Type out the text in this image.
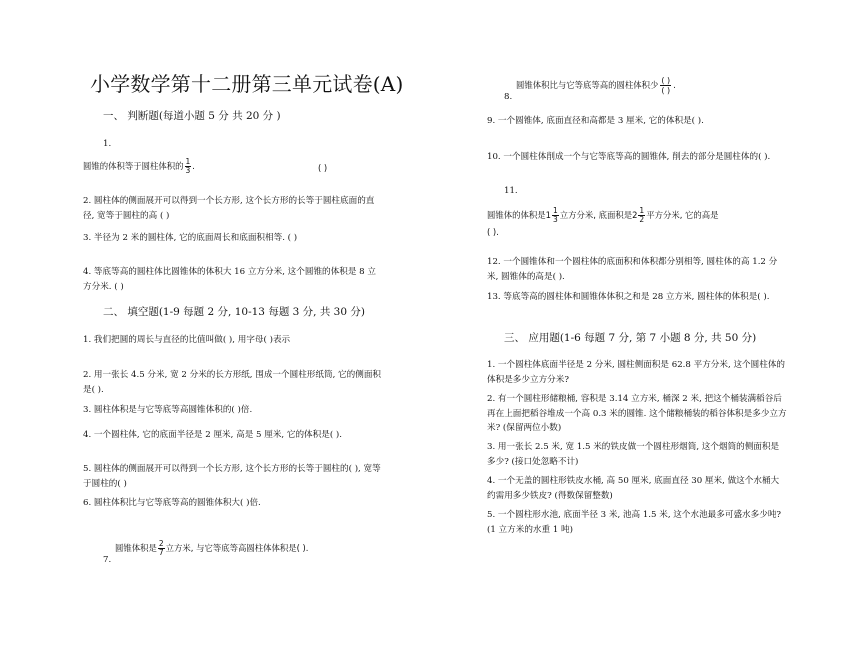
小学数学第十二册第三单元试卷(A)
一、 判断题(每道小题 5 分 共 20 分 )
1.
圆锥的体积等于圆柱体积的 $\frac{1}{3}$ .	( )
2. 圆柱体的侧面展开可以得到一个长方形, 这个长方形的长等于圆柱底面的直径, 宽等于圆柱的高 ( )
3. 半径为 2 米的圆柱体, 它的底面周长和底面积相等. ( )
4. 等底等高的圆柱体比圆锥体的体积大 16 立方分米, 这个圆锥的体积是 8 立方分米. ( )
二、 填空题(1-9 每题 2 分, 10-13 每题 3 分, 共 30 分)
1. 我们把圆的周长与直径的比值叫做( ), 用字母( )表示
2. 用一张长 4.5 分米, 宽 2 分米的长方形纸, 围成一个圆柱形纸筒, 它的侧面积是( ).
3. 圆柱体积是与它等底等高圆锥体积的( )倍.
4. 一个圆柱体, 它的底面半径是 2 厘米, 高是 5 厘米, 它的体积是( ).
5. 圆柱体的侧面展开可以得到一个长方形, 这个长方形的长等于圆柱的( ), 宽等于圆柱的( )
6. 圆柱体积比与它等底等高的圆锥体积大( )倍.
圆锥体积是 $\frac{2}{7}$ 立方米, 与它等底等高圆柱体体积是( ).
7.
圆锥体积比与它等底等高的圆柱体积少 ( )
( )
.
8.
9. 一个圆锥体, 底面直径和高都是 3 厘米, 它的体积是( ).
10. 一个圆柱体削成一个与它等底等高的圆锥体, 削去的部分是圆柱体的( ).
11.
圆锥体的体积是$1 \frac{1}{3}$ 立方分米, 底面积是$2 \frac{1}{2}$ 平方分米, 它的高是
( ).
12. 一个圆锥体和一个圆柱体的底面积和体积都分别相等, 圆柱体的高 1.2 分米, 圆锥体的高是( ).
13. 等底等高的圆柱体和圆锥体体积之和是 28 立方米, 圆柱体的体积是( ).
三、 应用题(1-6 每题 7 分, 第 7 小题 8 分, 共 50 分)
1. 一个圆柱体底面半径是 2 分米, 圆柱侧面积是 62.8 平方分米, 这个圆柱体的体积是多少立方分米?
2. 有一个圆柱形储粮桶, 容积是 3.14 立方米, 桶深 2 米, 把这个桶装满稻谷后再在上面把稻谷堆成一个高 0.3 米的圆锥. 这个储粮桶装的稻谷体积是多少立方米? (保留两位小数)
3. 用一张长 2.5 米, 宽 1.5 米的铁皮做一个圆柱形烟筒, 这个烟筒的侧面积是多少? (接口处忽略不计)
4. 一个无盖的圆柱形铁皮水桶, 高 50 厘米, 底面直径 30 厘米, 做这个水桶大约需用多少铁皮? (得数保留整数)
5. 一个圆柱形水池, 底面半径 3 米, 池高 1.5 米, 这个水池最多可盛水多少吨? (1 立方米的水重 1 吨)
